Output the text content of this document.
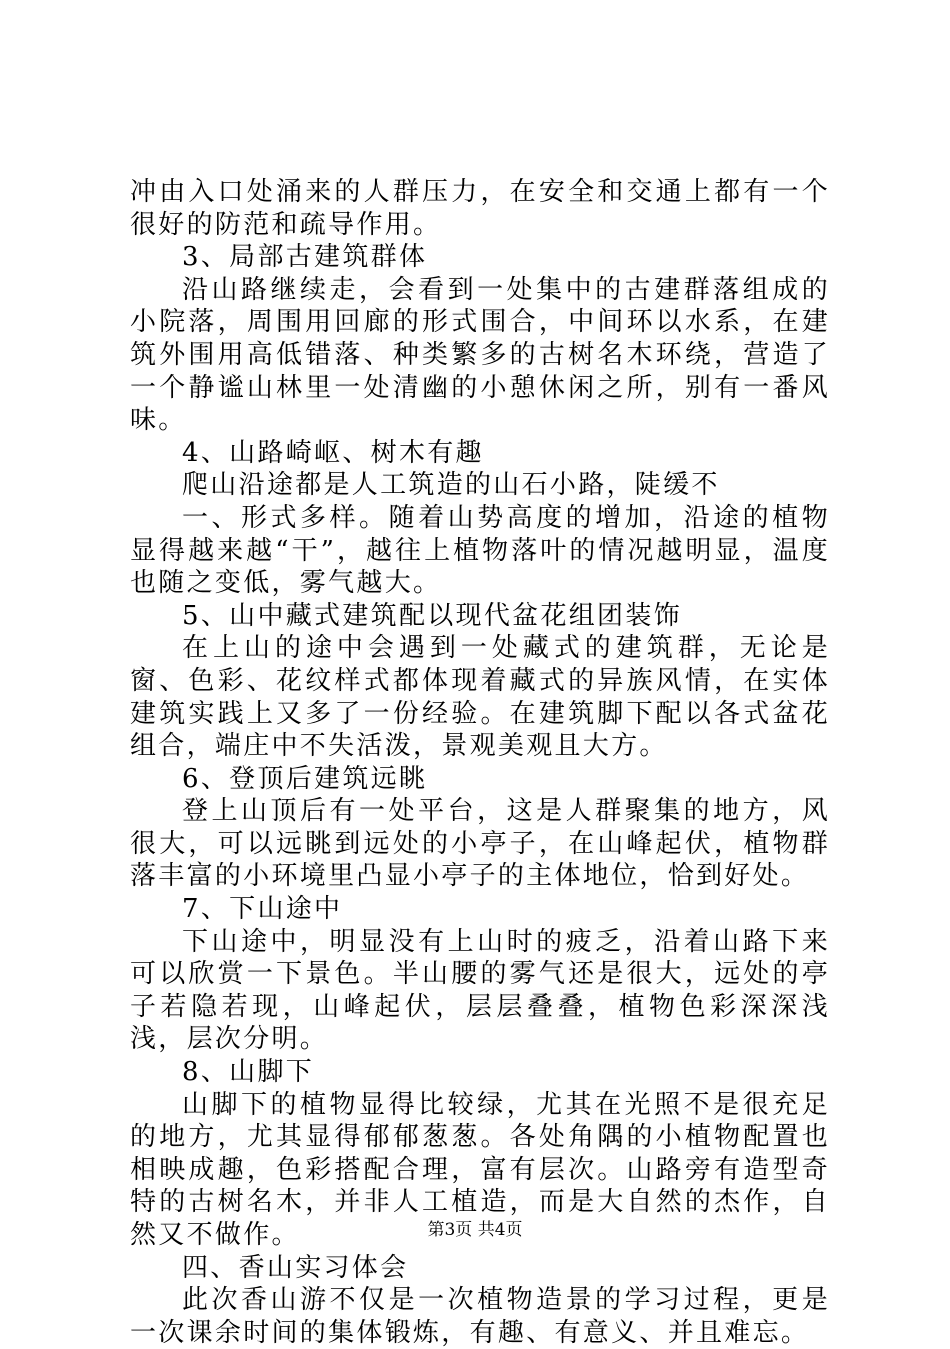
冲由入口处涌来的人群压力，在安全和交通上都有一个很好的防范和疏导作用。

3、局部古建筑群体

沿山路继续走，会看到一处集中的古建群落组成的小院落，周围用回廊的形式围合，中间环以水系，在建筑外围用高低错落、种类繁多的古树名木环绕，营造了一个静谧山林里一处清幽的小憩休闲之所，别有一番风味。

4、山路崎岖、树木有趣

爬山沿途都是人工筑造的山石小路，陡缓不

一、形式多样。随着山势高度的增加，沿途的植物显得越来越“干”，越往上植物落叶的情况越明显，温度也随之变低，雾气越大。

5、山中藏式建筑配以现代盆花组团装饰

在上山的途中会遇到一处藏式的建筑群，无论是窗、色彩、花纹样式都体现着藏式的异族风情，在实体建筑实践上又多了一份经验。在建筑脚下配以各式盆花组合，端庄中不失活泼，景观美观且大方。

6、登顶后建筑远眺

登上山顶后有一处平台，这是人群聚集的地方，风很大，可以远眺到远处的小亭子，在山峰起伏，植物群落丰富的小环境里凸显小亭子的主体地位，恰到好处。

7、下山途中

下山途中，明显没有上山时的疲乏，沿着山路下来可以欣赏一下景色。半山腰的雾气还是很大，远处的亭子若隐若现，山峰起伏，层层叠叠，植物色彩深深浅浅，层次分明。

8、山脚下

山脚下的植物显得比较绿，尤其在光照不是很充足的地方，尤其显得郁郁葱葱。各处角隅的小植物配置也相映成趣，色彩搭配合理，富有层次。山路旁有造型奇特的古树名木，并非人工植造，而是大自然的杰作，自然又不做作。

四、香山实习体会

此次香山游不仅是一次植物造景的学习过程，更是一次课余时间的集体锻炼，有趣、有意义、并且难忘。

第3页 共4页
